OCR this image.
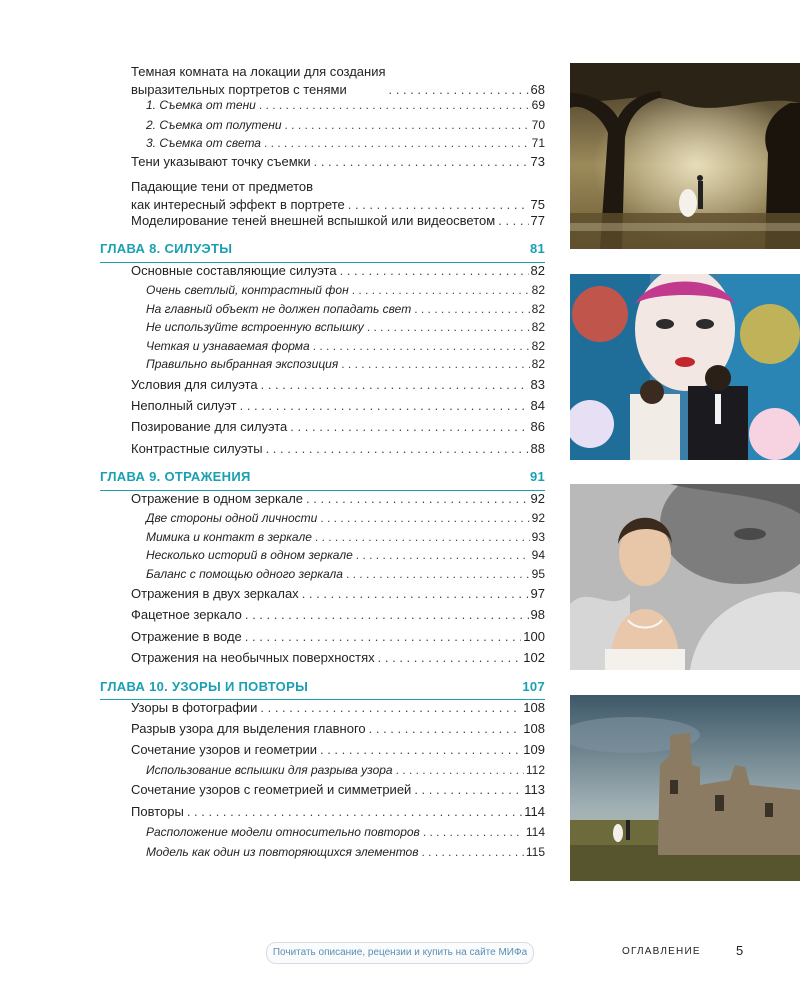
Темная комната на локации для создания
выразительных портретов с тенями . . .	68
1. Съемка от тени . . .	69
2. Съемка от полутени . . .	70
3. Съемка от света . . .	71
Тени указывают точку съемки . . .	73
Падающие тени от предметов
как интересный эффект в портрете . . .	75
Моделирование теней внешней вспышкой или видеосветом . . .	77
ГЛАВА 8. СИЛУЭТЫ	81
Основные составляющие силуэта . . .	82
Очень светлый, контрастный фон . . .	82
На главный объект не должен попадать свет . . .	82
Не используйте встроенную вспышку . . .	82
Четкая и узнаваемая форма . . .	82
Правильно выбранная экспозиция . . .	82
Условия для силуэта . . .	83
Неполный силуэт . . .	84
Позирование для силуэта . . .	86
Контрастные силуэты . . .	88
ГЛАВА 9. ОТРАЖЕНИЯ	91
Отражение в одном зеркале . . .	92
Две стороны одной личности . . .	92
Мимика и контакт в зеркале . . .	93
Несколько историй в одном зеркале . . .	94
Баланс с помощью одного зеркала . . .	95
Отражения в двух зеркалах . . .	97
Фацетное зеркало . . .	98
Отражение в воде . . .	100
Отражения на необычных поверхностях . . .	102
ГЛАВА 10. УЗОРЫ И ПОВТОРЫ	107
Узоры в фотографии . . .	108
Разрыв узора для выделения главного . . .	108
Сочетание узоров и геометрии . . .	109
Использование вспышки для разрыва узора . . .	112
Сочетание узоров с геометрией и симметрией . . .	113
Повторы . . .	114
Расположение модели относительно повторов . . .	114
Модель как один из повторяющихся элементов . . .	115
Почитать описание, рецензии и купить на сайте МИФа	ОГЛАВЛЕНИЕ	5
